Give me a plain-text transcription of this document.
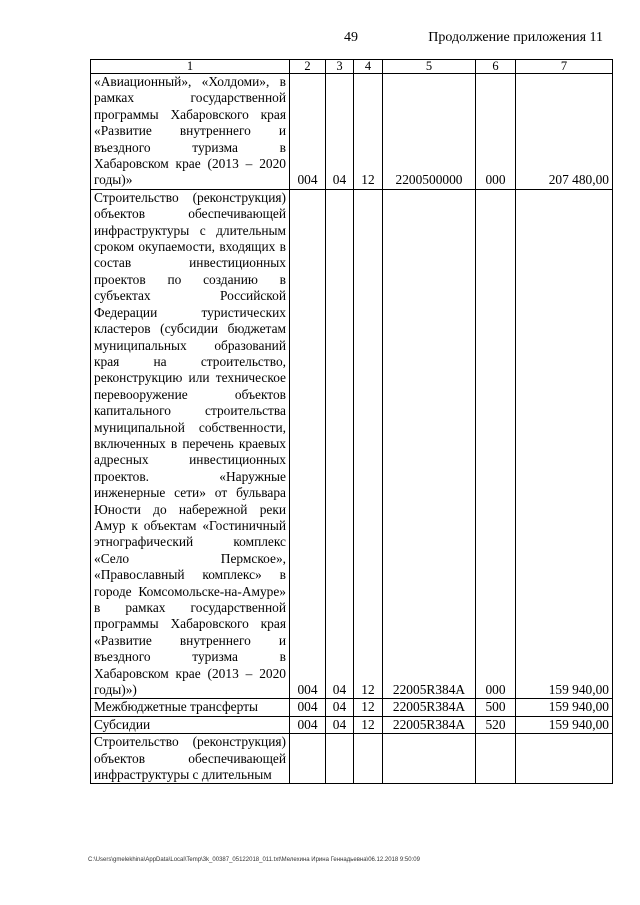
49	Продолжение приложения 11
1	2	3	4	5	6	7
«Авиационный», «Холдоми», в рамках государственной программы Хабаровского края «Развитие внутреннего и въездного туризма в Хабаровском крае (2013 – 2020 годы)»	004	04	12	2200500000	000	207 480,00
Строительство (реконструкция) объектов обеспечивающей инфраструктуры с длительным сроком окупаемости, входящих в состав инвестиционных проектов по созданию в субъектах Российской Федерации туристических кластеров (субсидии бюджетам муниципальных образований края на строительство, реконструкцию или техническое перевооружение объектов капитального строительства муниципальной собственности, включенных в перечень краевых адресных инвестиционных проектов. «Наружные инженерные сети» от бульвара Юности до набережной реки Амур к объектам «Гостиничный этнографический комплекс «Село Пермское», «Православный комплекс» в городе Комсомольске-на-Амуре» в рамках государственной программы Хабаровского края «Развитие внутреннего и въездного туризма в Хабаровском крае (2013 – 2020 годы)»)	004	04	12	22005R384A	000	159 940,00
Межбюджетные трансферты	004	04	12	22005R384A	500	159 940,00
Субсидии	004	04	12	22005R384A	520	159 940,00
Строительство (реконструкция) объектов обеспечивающей инфраструктуры с длительным						
C:\Users\gmelekhina\AppData\Local\Temp\3k_00387_05122018_011.txt\Мелехина Ирина Геннадьевна\06.12.2018 9:50:09
